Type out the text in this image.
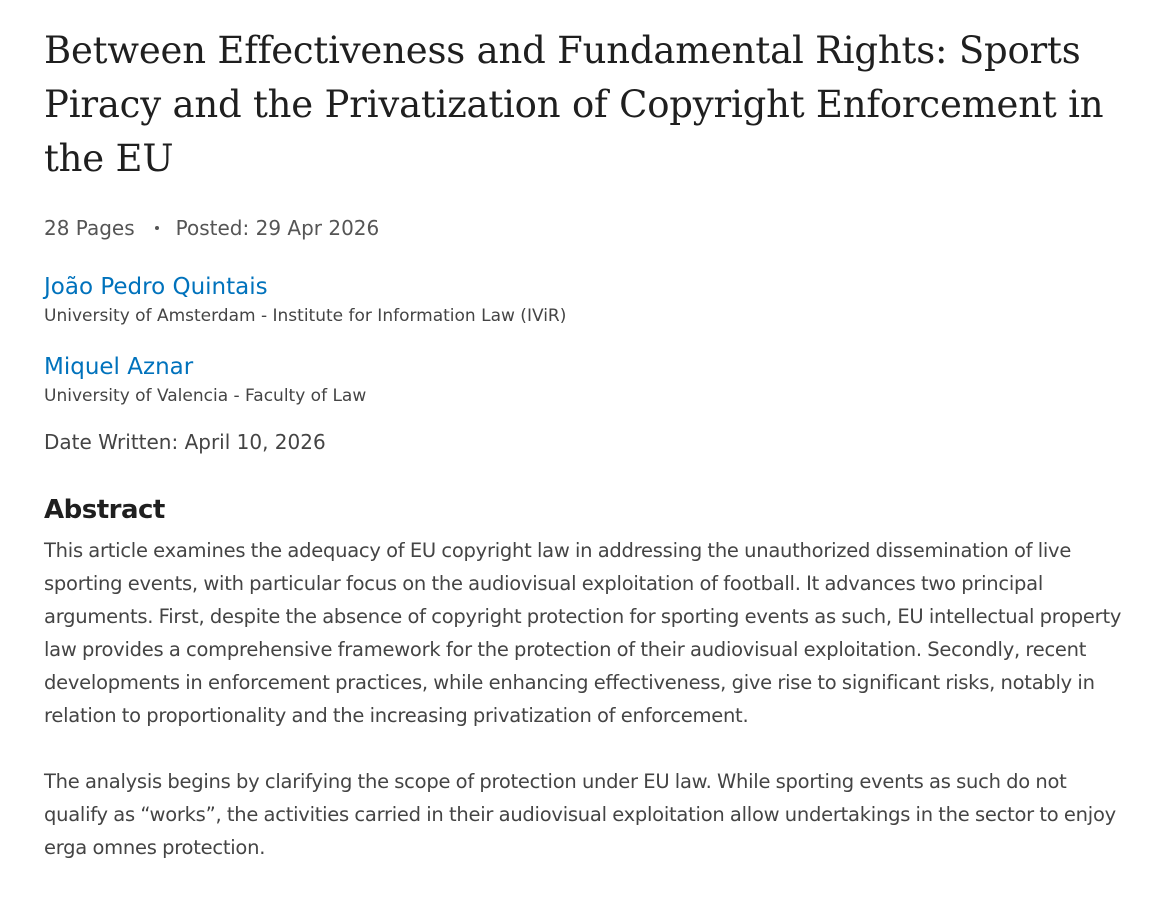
Between Effectiveness and Fundamental Rights: Sports Piracy and the Privatization of Copyright Enforcement in the EU
28 Pages Posted: 29 Apr 2026
João Pedro Quintais
University of Amsterdam - Institute for Information Law (IViR)
Miquel Aznar
University of Valencia - Faculty of Law
Date Written: April 10, 2026
Abstract

This article examines the adequacy of EU copyright law in addressing the unauthorized dissemination of live sporting events, with particular focus on the audiovisual exploitation of football. It advances two principal arguments. First, despite the absence of copyright protection for sporting events as such, EU intellectual property law provides a comprehensive framework for the protection of their audiovisual exploitation. Secondly, recent developments in enforcement practices, while enhancing effectiveness, give rise to significant risks, notably in relation to proportionality and the increasing privatization of enforcement.

The analysis begins by clarifying the scope of protection under EU law. While sporting events as such do not qualify as “works”, the activities carried in their audiovisual exploitation allow undertakings in the sector to enjoy erga omnes protection.
